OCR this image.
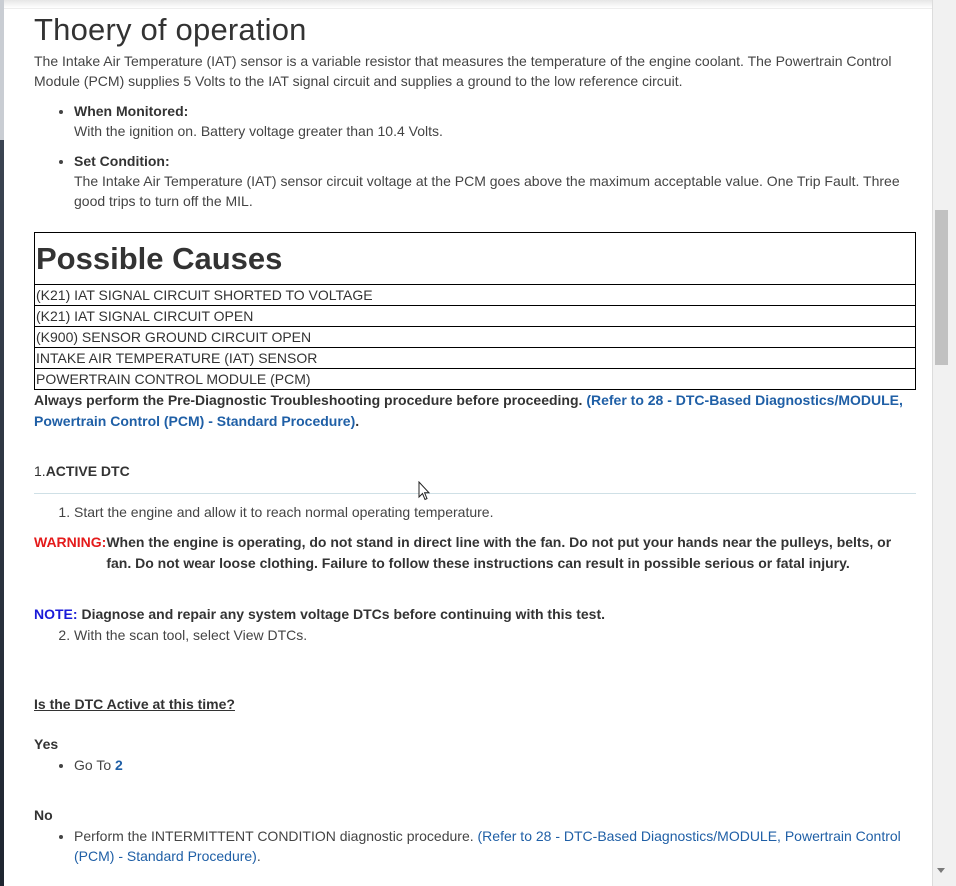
Thoery of operation

The Intake Air Temperature (IAT) sensor is a variable resistor that measures the temperature of the engine coolant. The Powertrain Control Module (PCM) supplies 5 Volts to the IAT signal circuit and supplies a ground to the low reference circuit.

• When Monitored:
With the ignition on. Battery voltage greater than 10.4 Volts.
• Set Condition:
The Intake Air Temperature (IAT) sensor circuit voltage at the PCM goes above the maximum acceptable value. One Trip Fault. Three good trips to turn off the MIL.
Possible Causes
(K21) IAT SIGNAL CIRCUIT SHORTED TO VOLTAGE
(K21) IAT SIGNAL CIRCUIT OPEN
(K900) SENSOR GROUND CIRCUIT OPEN
INTAKE AIR TEMPERATURE (IAT) SENSOR
POWERTRAIN CONTROL MODULE (PCM)

Always perform the Pre-Diagnostic Troubleshooting procedure before proceeding. (Refer to 28 - DTC-Based Diagnostics/MODULE, Powertrain Control (PCM) - Standard Procedure).

1.ACTIVE DTC
1. Start the engine and allow it to reach normal operating temperature.
WARNING: When the engine is operating, do not stand in direct line with the fan. Do not put your hands near the pulleys, belts, or fan. Do not wear loose clothing. Failure to follow these instructions can result in possible serious or fatal injury.
NOTE: Diagnose and repair any system voltage DTCs before continuing with this test.
2. With the scan tool, select View DTCs.
Is the DTC Active at this time?
Yes
• Go To 2
No
• Perform the INTERMITTENT CONDITION diagnostic procedure. (Refer to 28 - DTC-Based Diagnostics/MODULE, Powertrain Control (PCM) - Standard Procedure).
